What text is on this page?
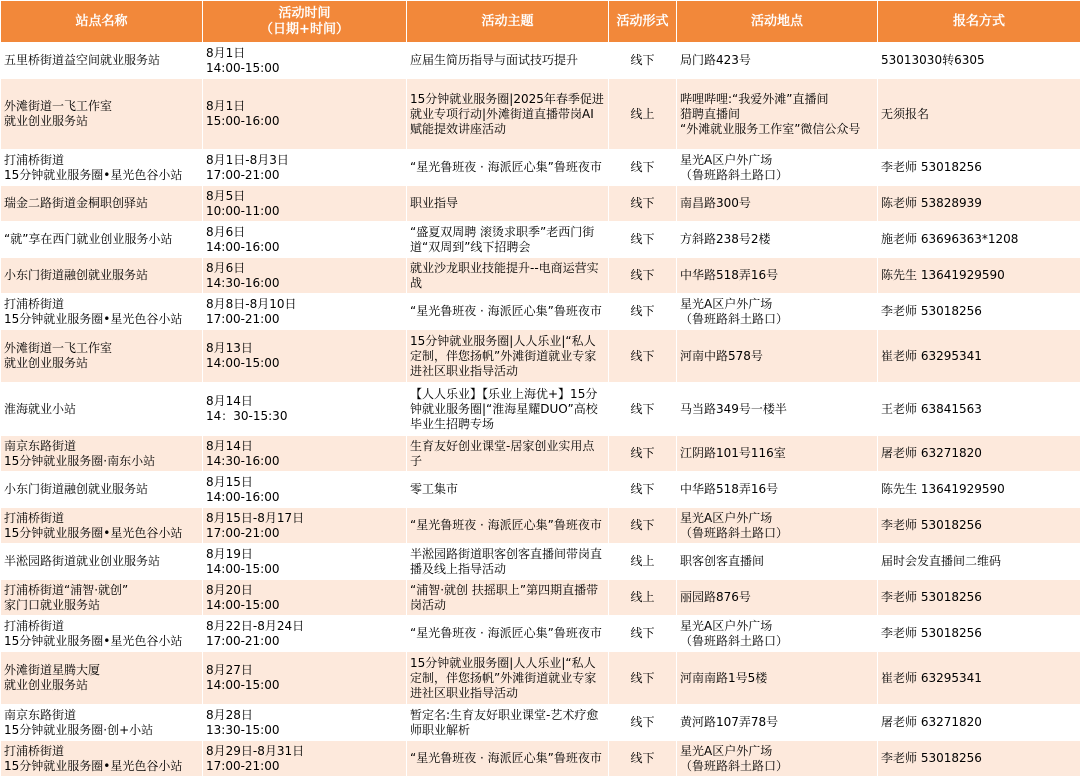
站点名称	活动时间
（日期+时间）	活动主题	活动形式	活动地点	报名方式

五里桥街道益空间就业服务站	8月1日
14:00-15:00	应届生简历指导与面试技巧提升	线下	局门路423号	53013030转6305

外滩街道一飞工作室
就业创业服务站	8月1日
15:00-16:00	15分钟就业服务圈|2025年春季促进就业专项行动|外滩街道直播带岗AI赋能提效讲座活动	线上	哔哩哔哩:“我爱外滩”直播间
猎聘直播间
“外滩就业服务工作室”微信公众号	无须报名

打浦桥街道
15分钟就业服务圈•星光色谷小站	8月1日-8月3日
17:00-21:00	“星光鲁班夜 · 海派匠心集”鲁班夜市	线下	星光A区户外广场
（鲁班路斜土路口）	李老师 53018256

瑞金二路街道金桐职创驿站	8月5日
10:00-11:00	职业指导	线下	南昌路300号	陈老师 53828939

“就”享在西门就业创业服务小站	8月6日
14:00-16:00	“盛夏双周聘 滚烫求职季”老西门街道“双周到”线下招聘会	线下	方斜路238号2楼	施老师 63696363*1208

小东门街道融创就业服务站	8月6日
14:30-16:00	就业沙龙职业技能提升--电商运营实战	线下	中华路518弄16号	陈先生 13641929590

打浦桥街道
15分钟就业服务圈•星光色谷小站	8月8日-8月10日
17:00-21:00	“星光鲁班夜 · 海派匠心集”鲁班夜市	线下	星光A区户外广场
（鲁班路斜土路口）	李老师 53018256

外滩街道一飞工作室
就业创业服务站	8月13日
14:00-15:00	15分钟就业服务圈|人人乐业|“私人定制，伴您扬帆”外滩街道就业专家进社区职业指导活动	线下	河南中路578号	崔老师 63295341

淮海就业小站	8月14日
14：30-15:30	【人人乐业】【乐业上海优+】15分钟就业服务圈|“淮海星耀DUO”高校毕业生招聘专场	线下	马当路349号一楼半	王老师 63841563

南京东路街道
15分钟就业服务圈·南东小站	8月14日
14:30-16:00	生育友好创业课堂-居家创业实用点子	线下	江阴路101号116室	屠老师 63271820

小东门街道融创就业服务站	8月15日
14:00-16:00	零工集市	线下	中华路518弄16号	陈先生 13641929590

打浦桥街道
15分钟就业服务圈•星光色谷小站	8月15日-8月17日
17:00-21:00	“星光鲁班夜 · 海派匠心集”鲁班夜市	线下	星光A区户外广场
（鲁班路斜土路口）	李老师 53018256

半淞园路街道就业创业服务站	8月19日
14:00-15:00	半淞园路街道职客创客直播间带岗直播及线上指导活动	线上	职客创客直播间	届时会发直播间二维码

打浦桥街道“浦智·就创”
家门口就业服务站	8月20日
14:00-15:00	“浦智·就创 扶摇职上”第四期直播带岗活动	线上	丽园路876号	李老师 53018256

打浦桥街道
15分钟就业服务圈•星光色谷小站	8月22日-8月24日
17:00-21:00	“星光鲁班夜 · 海派匠心集”鲁班夜市	线下	星光A区户外广场
（鲁班路斜土路口）	李老师 53018256

外滩街道星腾大厦
就业创业服务站	8月27日
14:00-15:00	15分钟就业服务圈|人人乐业|“私人定制，伴您扬帆”外滩街道就业专家进社区职业指导活动	线下	河南南路1号5楼	崔老师 63295341

南京东路街道
15分钟就业服务圈·创+小站	8月28日
13:30-15:00	暂定名:生育友好职业课堂-艺术疗愈师职业解析	线下	黄河路107弄78号	屠老师 63271820

打浦桥街道
15分钟就业服务圈•星光色谷小站	8月29日-8月31日
17:00-21:00	“星光鲁班夜 · 海派匠心集”鲁班夜市	线下	星光A区户外广场
（鲁班路斜土路口）	李老师 53018256
